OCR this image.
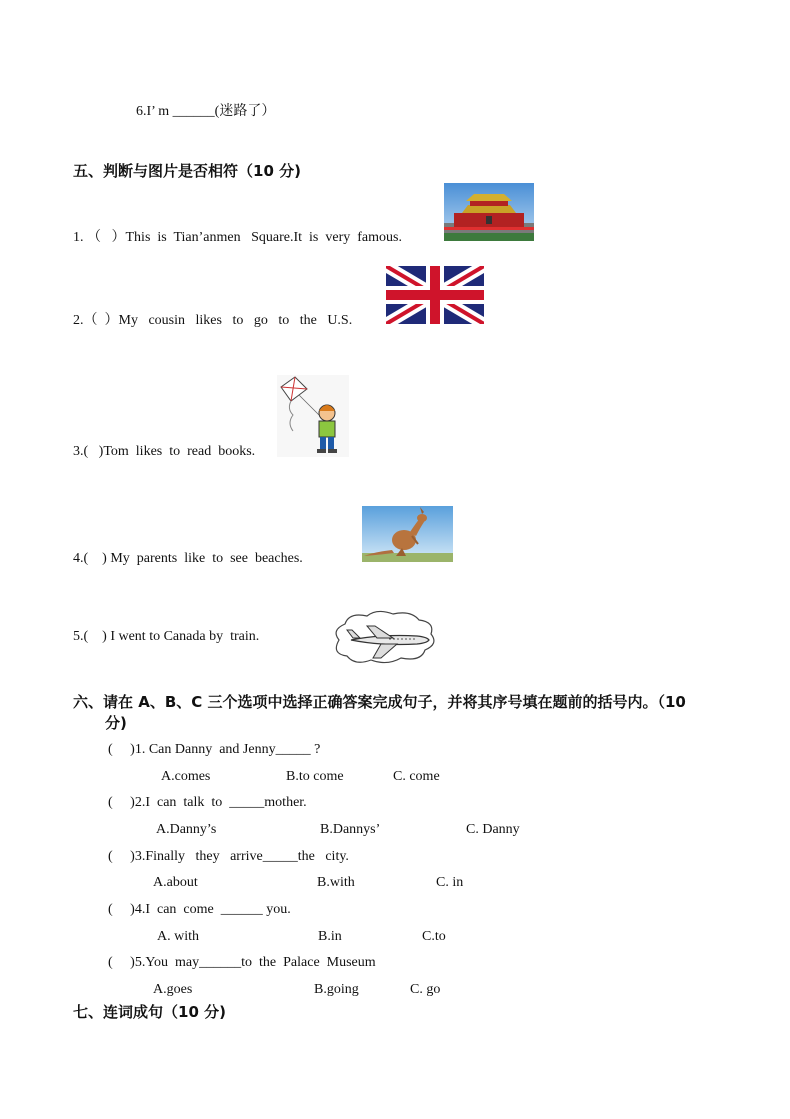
6.I’ m ______(迷路了）
五、判断与图片是否相符（10 分)
1. （   ）This  is  Tian’anmen   Square.It  is  very  famous.
2.（  ）My   cousin   likes   to   go   to   the   U.S.
3.(   )Tom  likes  to  read  books.
4.(    ) My  parents  like  to  see  beaches.
5.(    ) I went to Canada by  train.
六、请在 A、B、C 三个选项中选择正确答案完成句子，并将其序号填在题前的括号内。（10
分)
(     )1. Can Danny  and Jenny_____ ?
A.comes	B.to come	C. come
(     )2.I  can  talk  to  _____mother.
A.Danny’s	B.Dannys’	C. Danny
(     )3.Finally   they   arrive_____the   city.
A.about	B.with	C. in
(     )4.I  can  come  ______ you.
A. with	B.in	C.to
(     )5.You  may______to  the  Palace  Museum
A.goes	B.going	C. go
七、连词成句（10 分)
